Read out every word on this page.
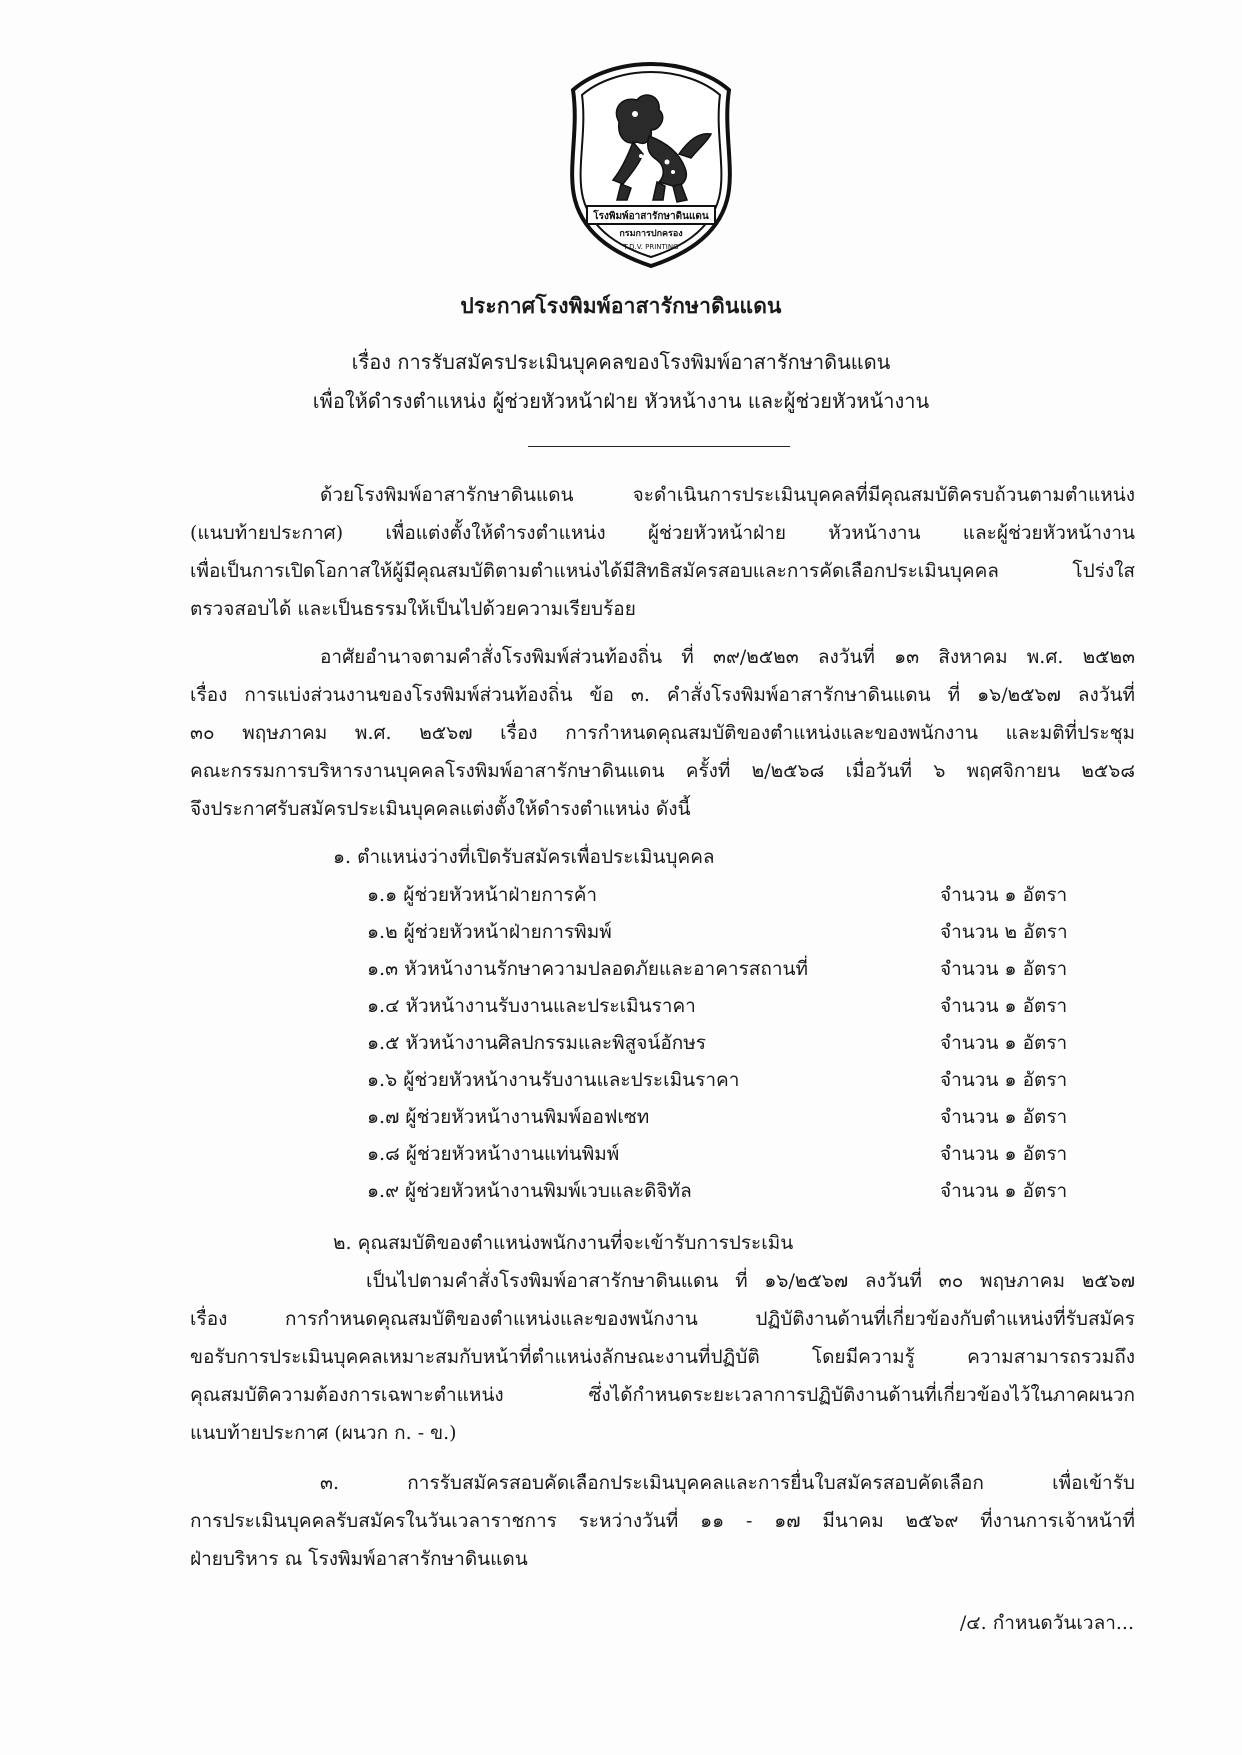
โรงพิมพ์อาสารักษาดินแดน
กรมการปกครอง
T.D.V. PRINTING
ประกาศโรงพิมพ์อาสารักษาดินแดน
เรื่อง การรับสมัครประเมินบุคคลของโรงพิมพ์อาสารักษาดินแดน
เพื่อให้ดำรงตำแหน่ง ผู้ช่วยหัวหน้าฝ่าย หัวหน้างาน และผู้ช่วยหัวหน้างาน
ด้วยโรงพิมพ์อาสารักษาดินแดน จะดำเนินการประเมินบุคคลที่มีคุณสมบัติครบถ้วนตามตำแหน่ง
(แนบท้ายประกาศ) เพื่อแต่งตั้งให้ดำรงตำแหน่ง ผู้ช่วยหัวหน้าฝ่าย หัวหน้างาน และผู้ช่วยหัวหน้างาน
เพื่อเป็นการเปิดโอกาสให้ผู้มีคุณสมบัติตามตำแหน่งได้มีสิทธิสมัครสอบและการคัดเลือกประเมินบุคคล โปร่งใส
ตรวจสอบได้ และเป็นธรรมให้เป็นไปด้วยความเรียบร้อย
อาศัยอำนาจตามคำสั่งโรงพิมพ์ส่วนท้องถิ่น ที่ ๓๙/๒๕๒๓ ลงวันที่ ๑๓ สิงหาคม พ.ศ. ๒๕๒๓
เรื่อง การแบ่งส่วนงานของโรงพิมพ์ส่วนท้องถิ่น ข้อ ๓. คำสั่งโรงพิมพ์อาสารักษาดินแดน ที่ ๑๖/๒๕๖๗ ลงวันที่
๓๐ พฤษภาคม พ.ศ. ๒๕๖๗ เรื่อง การกำหนดคุณสมบัติของตำแหน่งและของพนักงาน และมติที่ประชุม
คณะกรรมการบริหารงานบุคคลโรงพิมพ์อาสารักษาดินแดน ครั้งที่ ๒/๒๕๖๘ เมื่อวันที่ ๖ พฤศจิกายน ๒๕๖๘
จึงประกาศรับสมัครประเมินบุคคลแต่งตั้งให้ดำรงตำแหน่ง ดังนี้
๑. ตำแหน่งว่างที่เปิดรับสมัครเพื่อประเมินบุคคล
๑.๑ ผู้ช่วยหัวหน้าฝ่ายการค้า	จำนวน ๑ อัตรา
๑.๒ ผู้ช่วยหัวหน้าฝ่ายการพิมพ์	จำนวน ๒ อัตรา
๑.๓ หัวหน้างานรักษาความปลอดภัยและอาคารสถานที่	จำนวน ๑ อัตรา
๑.๔ หัวหน้างานรับงานและประเมินราคา	จำนวน ๑ อัตรา
๑.๕ หัวหน้างานศิลปกรรมและพิสูจน์อักษร	จำนวน ๑ อัตรา
๑.๖ ผู้ช่วยหัวหน้างานรับงานและประเมินราคา	จำนวน ๑ อัตรา
๑.๗ ผู้ช่วยหัวหน้างานพิมพ์ออฟเซท	จำนวน ๑ อัตรา
๑.๘ ผู้ช่วยหัวหน้างานแท่นพิมพ์	จำนวน ๑ อัตรา
๑.๙ ผู้ช่วยหัวหน้างานพิมพ์เวบและดิจิทัล	จำนวน ๑ อัตรา
๒. คุณสมบัติของตำแหน่งพนักงานที่จะเข้ารับการประเมิน
เป็นไปตามคำสั่งโรงพิมพ์อาสารักษาดินแดน ที่ ๑๖/๒๕๖๗ ลงวันที่ ๓๐ พฤษภาคม ๒๕๖๗
เรื่อง การกำหนดคุณสมบัติของตำแหน่งและของพนักงาน ปฏิบัติงานด้านที่เกี่ยวข้องกับตำแหน่งที่รับสมัคร
ขอรับการประเมินบุคคลเหมาะสมกับหน้าที่ตำแหน่งลักษณะงานที่ปฏิบัติ โดยมีความรู้ ความสามารถรวมถึง
คุณสมบัติความต้องการเฉพาะตำแหน่ง ซึ่งได้กำหนดระยะเวลาการปฏิบัติงานด้านที่เกี่ยวข้องไว้ในภาคผนวก
แนบท้ายประกาศ (ผนวก ก. - ข.)
๓. การรับสมัครสอบคัดเลือกประเมินบุคคลและการยื่นใบสมัครสอบคัดเลือก เพื่อเข้ารับ
การประเมินบุคคลรับสมัครในวันเวลาราชการ ระหว่างวันที่ ๑๑ - ๑๗ มีนาคม ๒๕๖๙ ที่งานการเจ้าหน้าที่
ฝ่ายบริหาร ณ โรงพิมพ์อาสารักษาดินแดน
/๔. กำหนดวันเวลา...
